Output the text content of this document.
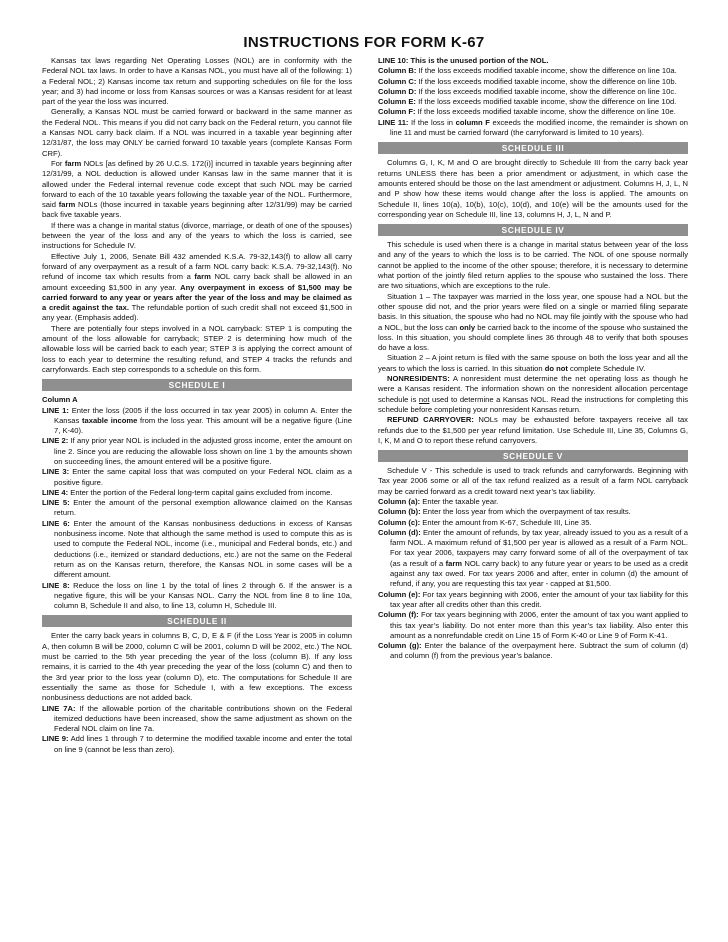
INSTRUCTIONS FOR FORM K-67

Kansas tax laws regarding Net Operating Losses (NOL) are in conformity with the Federal NOL tax laws. In order to have a Kansas NOL, you must have all of the following: 1) a Federal NOL; 2) Kansas income tax return and supporting schedules on file for the loss year; and 3) had income or loss from Kansas sources or was a Kansas resident for at least part of the year the loss was incurred.

Generally, a Kansas NOL must be carried forward or backward in the same manner as the Federal NOL. This means if you did not carry back on the Federal return, you cannot file a Kansas NOL carry back claim. If a NOL was incurred in a taxable year beginning after 12/31/87, the loss may ONLY be carried forward 10 taxable years (complete Kansas Form CRF).

For farm NOLs [as defined by 26 U.C.S. 172(i)] incurred in taxable years beginning after 12/31/99, a NOL deduction is allowed under Kansas law in the same manner that it is allowed under the Federal internal revenue code except that such NOL may be carried forward to each of the 10 taxable years following the taxable year of the NOL. Furthermore, said farm NOLs (those incurred in taxable years beginning after 12/31/99) may be carried back five taxable years.

If there was a change in marital status (divorce, marriage, or death of one of the spouses) between the year of the loss and any of the years to which the loss is carried, see instructions for Schedule IV.

Effective July 1, 2006, Senate Bill 432 amended K.S.A. 79-32,143(f) to allow all carry forward of any overpayment as a result of a farm NOL carry back: K.S.A. 79-32,143(f). No refund of income tax which results from a farm NOL carry back shall be allowed in an amount exceeding $1,500 in any year. Any overpayment in excess of $1,500 may be carried forward to any year or years after the year of the loss and may be claimed as a credit against the tax. The refundable portion of such credit shall not exceed $1,500 in any year. (Emphasis added).

There are potentially four steps involved in a NOL carryback: STEP 1 is computing the amount of the loss allowable for carryback; STEP 2 is determining how much of the allowable loss will be carried back to each year; STEP 3 is applying the correct amount of loss to each year to determine the resulting refund, and STEP 4 tracks the refunds and carryforwards. Each step corresponds to a schedule on this form.

SCHEDULE I

Column A

LINE 1: Enter the loss (2005 if the loss occurred in tax year 2005) in column A. Enter the Kansas taxable income from the loss year. This amount will be a negative figure (Line 7, K-40).

LINE 2: If any prior year NOL is included in the adjusted gross income, enter the amount on line 2. Since you are reducing the allowable loss shown on line 1 by the amounts shown on succeeding lines, the amount entered will be a positive figure.

LINE 3: Enter the same capital loss that was computed on your Federal NOL claim as a positive figure.

LINE 4: Enter the portion of the Federal long-term capital gains excluded from income.

LINE 5: Enter the amount of the personal exemption allowance claimed on the Kansas return.

LINE 6: Enter the amount of the Kansas nonbusiness deductions in excess of Kansas nonbusiness income. Note that although the same method is used to compute this as is used to compute the Federal NOL, income (i.e., municipal and Federal bonds, etc.) and deductions (i.e., itemized or standard deductions, etc.) are not the same on the Federal return as on the Kansas return, therefore, the Kansas NOL in some cases will be a different amount.

LINE 8: Reduce the loss on line 1 by the total of lines 2 through 6. If the answer is a negative figure, this will be your Kansas NOL. Carry the NOL from line 8 to line 10a, column B, Schedule II and also, to line 13, column H, Schedule III.

SCHEDULE II

Enter the carry back years in columns B, C, D, E & F (if the Loss Year is 2005 in column A, then column B will be 2000, column C will be 2001, column D will be 2002, etc.) The NOL must be carried to the 5th year preceding the year of the loss (column B). If any loss remains, it is carried to the 4th year preceding the year of the loss (column C) and then to the 3rd year prior to the loss year (column D), etc. The computations for Schedule II are essentially the same as those for Schedule I, with a few exceptions. The excess nonbusiness deductions are not added back.

LINE 7A: If the allowable portion of the charitable contributions shown on the Federal itemized deductions have been increased, show the same adjustment as shown on the Federal NOL claim on line 7a.

LINE 9: Add lines 1 through 7 to determine the modified taxable income and enter the total on line 9 (cannot be less than zero).

LINE 10: This is the unused portion of the NOL.

Column B: If the loss exceeds modified taxable income, show the difference on line 10a.

Column C: If the loss exceeds modified taxable income, show the difference on line 10b.

Column D: If the loss exceeds modified taxable income, show the difference on line 10c.

Column E: If the loss exceeds modified taxable income, show the difference on line 10d.

Column F: If the loss exceeds modified taxable income, show the difference on line 10e.

LINE 11: If the loss in column F exceeds the modified income, the remainder is shown on line 11 and must be carried forward (the carryforward is limited to 10 years).

SCHEDULE III

Columns G, I, K, M and O are brought directly to Schedule III from the carry back year returns UNLESS there has been a prior amendment or adjustment, in which case the amounts entered should be those on the last amendment or adjustment. Columns H, J, L, N and P show how these items would change after the loss is applied. The amounts on Schedule II, lines 10(a), 10(b), 10(c), 10(d), and 10(e) will be the amounts used for the corresponding year on Schedule III, line 13, columns H, J, L, N and P.

SCHEDULE IV

This schedule is used when there is a change in marital status between year of the loss and any of the years to which the loss is to be carried. The NOL of one spouse normally cannot be applied to the income of the other spouse; therefore, it is necessary to determine what portion of the jointly filed return applies to the spouse who sustained the loss. There are two situations, which are exceptions to the rule.

Situation 1 – The taxpayer was married in the loss year, one spouse had a NOL but the other spouse did not, and the prior years were filed on a single or married filing separate basis. In this situation, the spouse who had no NOL may file jointly with the spouse who had a NOL, but the loss can only be carried back to the income of the spouse who sustained the loss. In this situation, you should complete lines 36 through 48 to verify that both spouses do have a loss.

Situation 2 – A joint return is filed with the same spouse on both the loss year and all the years to which the loss is carried. In this situation do not complete Schedule IV.

NONRESIDENTS: A nonresident must determine the net operating loss as though he were a Kansas resident. The information shown on the nonresident allocation percentage schedule is not used to determine a Kansas NOL. Read the instructions for completing this schedule before completing your nonresident Kansas return.

REFUND CARRYOVER: NOLs may be exhausted before taxpayers receive all tax refunds due to the $1,500 per year refund limitation. Use Schedule III, Line 35, Columns G, I, K, M and O to report these refund carryovers.

SCHEDULE V

Schedule V - This schedule is used to track refunds and carryforwards. Beginning with Tax year 2006 some or all of the tax refund realized as a result of a farm NOL carryback may be carried forward as a credit toward next year’s tax liability.

Column (a): Enter the taxable year.

Column (b): Enter the loss year from which the overpayment of tax results.

Column (c): Enter the amount from K-67, Schedule III, Line 35.

Column (d): Enter the amount of refunds, by tax year, already issued to you as a result of a farm NOL. A maximum refund of $1,500 per year is allowed as a result of a Farm NOL. For tax year 2006, taxpayers may carry forward some of all of the overpayment of tax (as a result of a farm NOL carry back) to any future year or years to be used as a credit against any tax owed. For tax years 2006 and after, enter in column (d) the amount of refund, if any, you are requesting this tax year - capped at $1,500.

Column (e): For tax years beginning with 2006, enter the amount of your tax liability for this tax year after all credits other than this credit.

Column (f): For tax years beginning with 2006, enter the amount of tax you want applied to this tax year’s liability. Do not enter more than this year’s tax liability. Also enter this amount as a nonrefundable credit on Line 15 of Form K-40 or Line 9 of Form K-41.

Column (g): Enter the balance of the overpayment here. Subtract the sum of column (d) and column (f) from the previous year’s balance.
